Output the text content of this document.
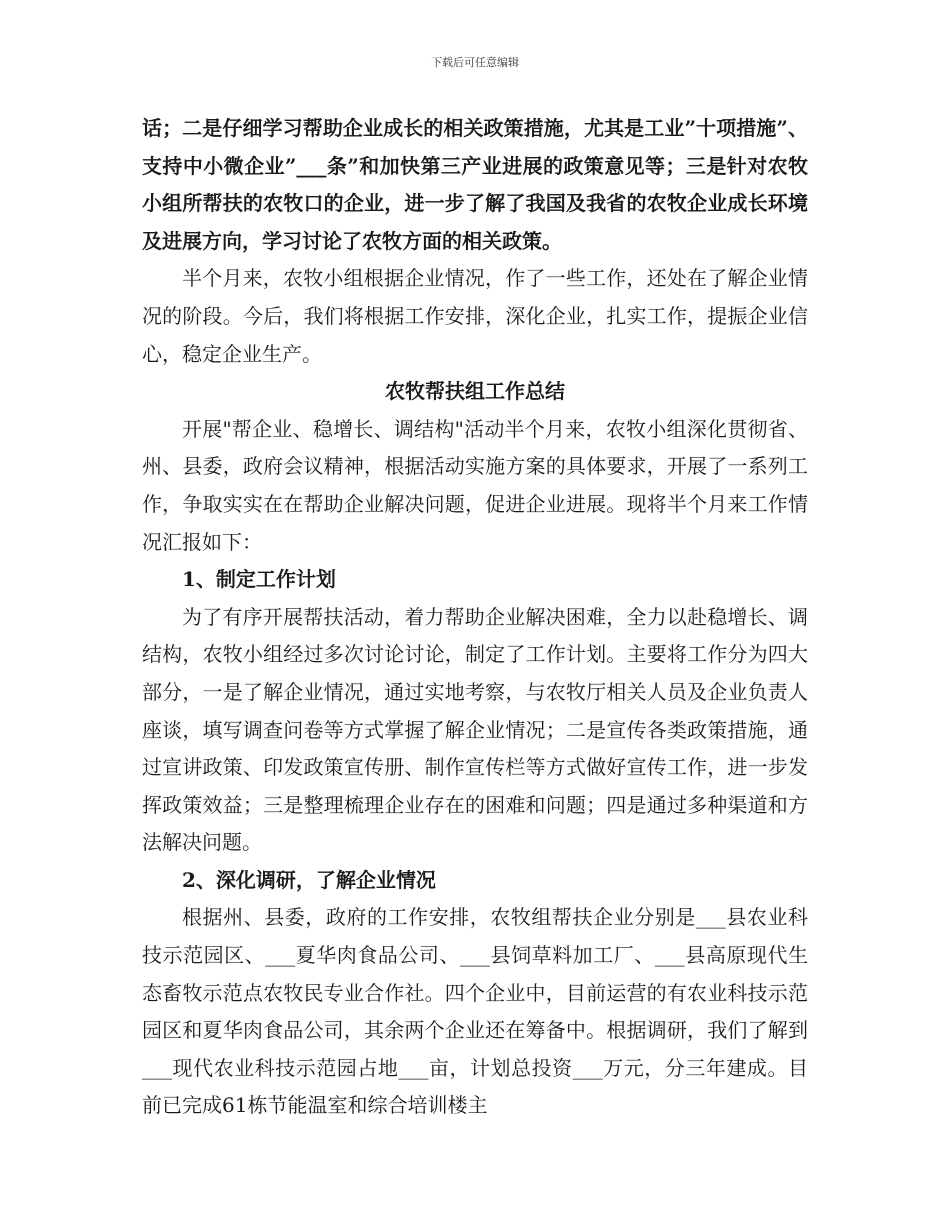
下载后可任意编辑

话；二是仔细学习帮助企业成长的相关政策措施，尤其是工业”十项措施”、支持中小微企业”___条”和加快第三产业进展的政策意见等；三是针对农牧小组所帮扶的农牧口的企业，进一步了解了我国及我省的农牧企业成长环境及进展方向，学习讨论了农牧方面的相关政策。

半个月来，农牧小组根据企业情况，作了一些工作，还处在了解企业情况的阶段。今后，我们将根据工作安排，深化企业，扎实工作，提振企业信心，稳定企业生产。

农牧帮扶组工作总结

开展"帮企业、稳增长、调结构"活动半个月来，农牧小组深化贯彻省、州、县委，政府会议精神，根据活动实施方案的具体要求，开展了一系列工作，争取实实在在帮助企业解决问题，促进企业进展。现将半个月来工作情况汇报如下：

1、制定工作计划

为了有序开展帮扶活动，着力帮助企业解决困难，全力以赴稳增长、调结构，农牧小组经过多次讨论讨论，制定了工作计划。主要将工作分为四大部分，一是了解企业情况，通过实地考察，与农牧厅相关人员及企业负责人座谈，填写调查问卷等方式掌握了解企业情况；二是宣传各类政策措施，通过宣讲政策、印发政策宣传册、制作宣传栏等方式做好宣传工作，进一步发挥政策效益；三是整理梳理企业存在的困难和问题；四是通过多种渠道和方法解决问题。

2、深化调研，了解企业情况

根据州、县委，政府的工作安排，农牧组帮扶企业分别是___县农业科技示范园区、___夏华肉食品公司、___县饲草料加工厂、___县高原现代生态畜牧示范点农牧民专业合作社。四个企业中，目前运营的有农业科技示范园区和夏华肉食品公司，其余两个企业还在筹备中。根据调研，我们了解到___现代农业科技示范园占地___亩，计划总投资___万元，分三年建成。目前已完成61栋节能温室和综合培训楼主
